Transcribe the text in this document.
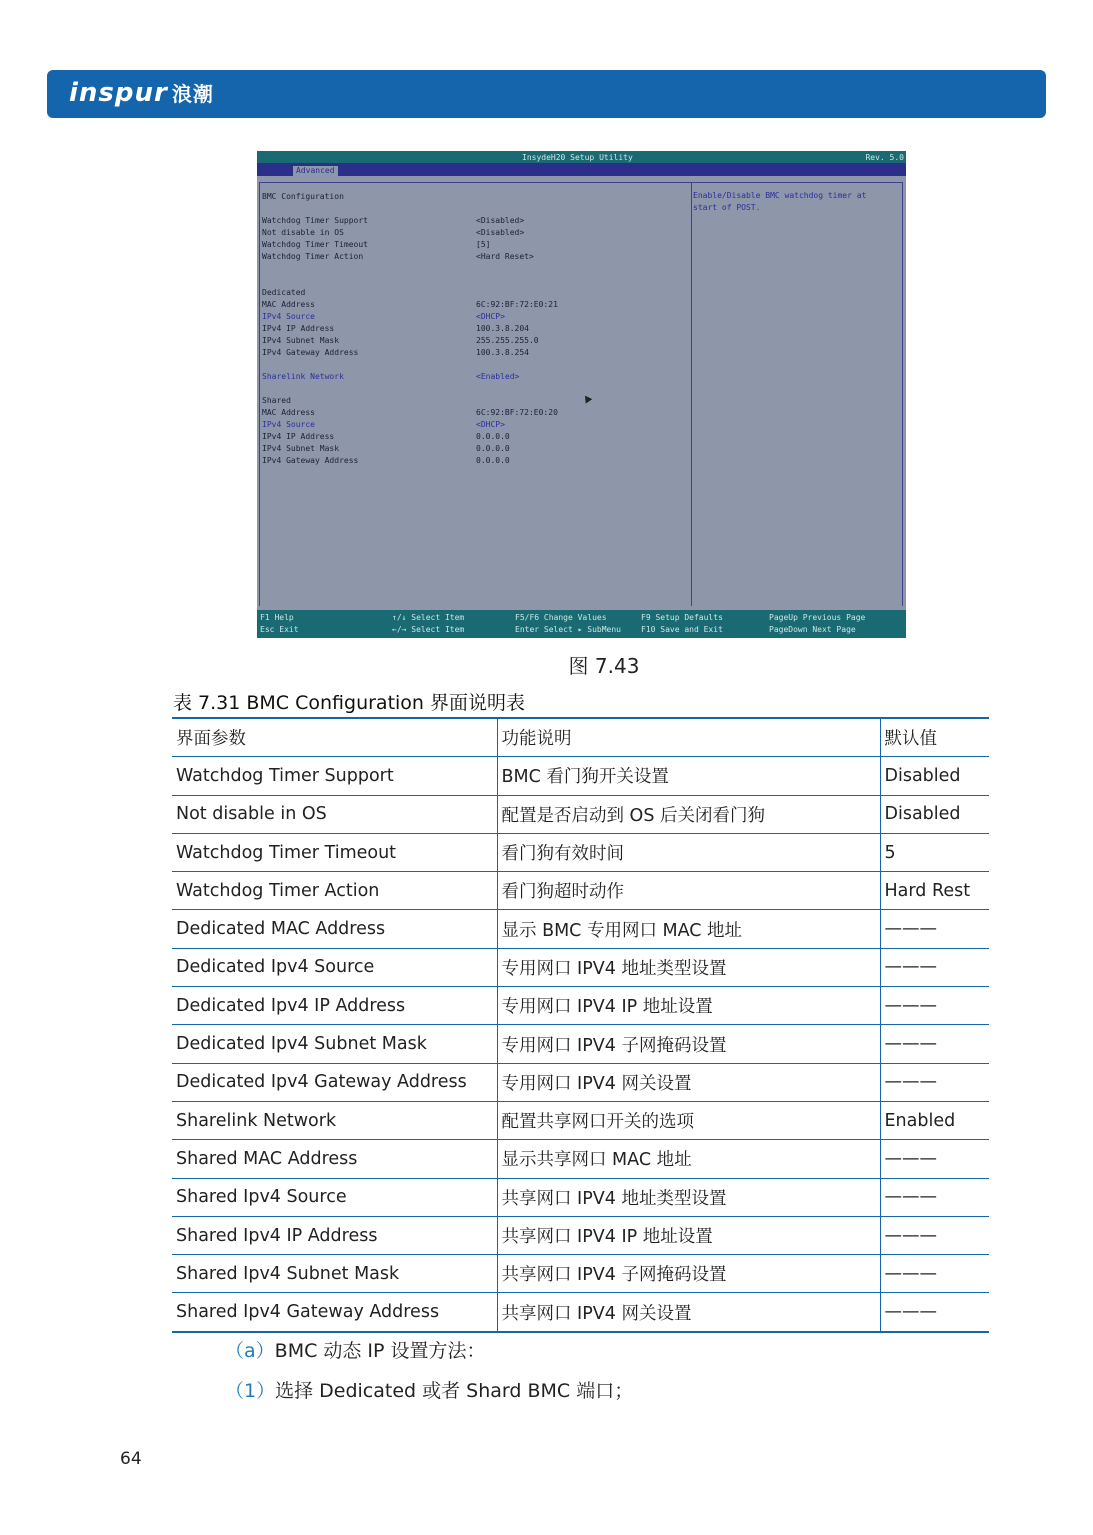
inspur 浪潮
InsydeH20 Setup Utility	Rev. 5.0
Advanced
BMC Configuration
Watchdog Timer Support	<Disabled>
Not disable in OS	<Disabled>
Watchdog Timer Timeout	[5]
Watchdog Timer Action	<Hard Reset>
Dedicated
MAC Address	6C:92:BF:72:E0:21
IPv4 Source	<DHCP>
IPv4 IP Address	100.3.8.204
IPv4 Subnet Mask	255.255.255.0
IPv4 Gateway Address	100.3.8.254
Sharelink Network	<Enabled>
Shared
MAC Address	6C:92:BF:72:E0:20
IPv4 Source	<DHCP>
IPv4 IP Address	0.0.0.0
IPv4 Subnet Mask	0.0.0.0
IPv4 Gateway Address	0.0.0.0
Enable/Disable BMC watchdog timer at start of POST.
F1 Help
Esc Exit
↑/↓ Select Item
←/→ Select Item
F5/F6 Change Values
Enter Select ▸ SubMenu
F9 Setup Defaults
F10 Save and Exit
PageUp Previous Page
PageDown Next Page
图 7.43
表 7.31 BMC Configuration 界面说明表
界面参数	功能说明	默认值
Watchdog Timer Support	BMC 看门狗开关设置	Disabled
Not disable in OS	配置是否启动到 OS 后关闭看门狗	Disabled
Watchdog Timer Timeout	看门狗有效时间	5
Watchdog Timer Action	看门狗超时动作	Hard Rest
Dedicated MAC Address	显示 BMC 专用网口 MAC 地址	———
Dedicated Ipv4 Source	专用网口 IPV4 地址类型设置	———
Dedicated Ipv4 IP Address	专用网口 IPV4 IP 地址设置	———
Dedicated Ipv4 Subnet Mask	专用网口 IPV4 子网掩码设置	———
Dedicated Ipv4 Gateway Address	专用网口 IPV4 网关设置	———
Sharelink Network	配置共享网口开关的选项	Enabled
Shared MAC Address	显示共享网口 MAC 地址	———
Shared Ipv4 Source	共享网口 IPV4 地址类型设置	———
Shared Ipv4 IP Address	共享网口 IPV4 IP 地址设置	———
Shared Ipv4 Subnet Mask	共享网口 IPV4 子网掩码设置	———
Shared Ipv4 Gateway Address	共享网口 IPV4 网关设置	———
（a）BMC 动态 IP 设置方法：
（1）选择 Dedicated 或者 Shard BMC 端口；
64
